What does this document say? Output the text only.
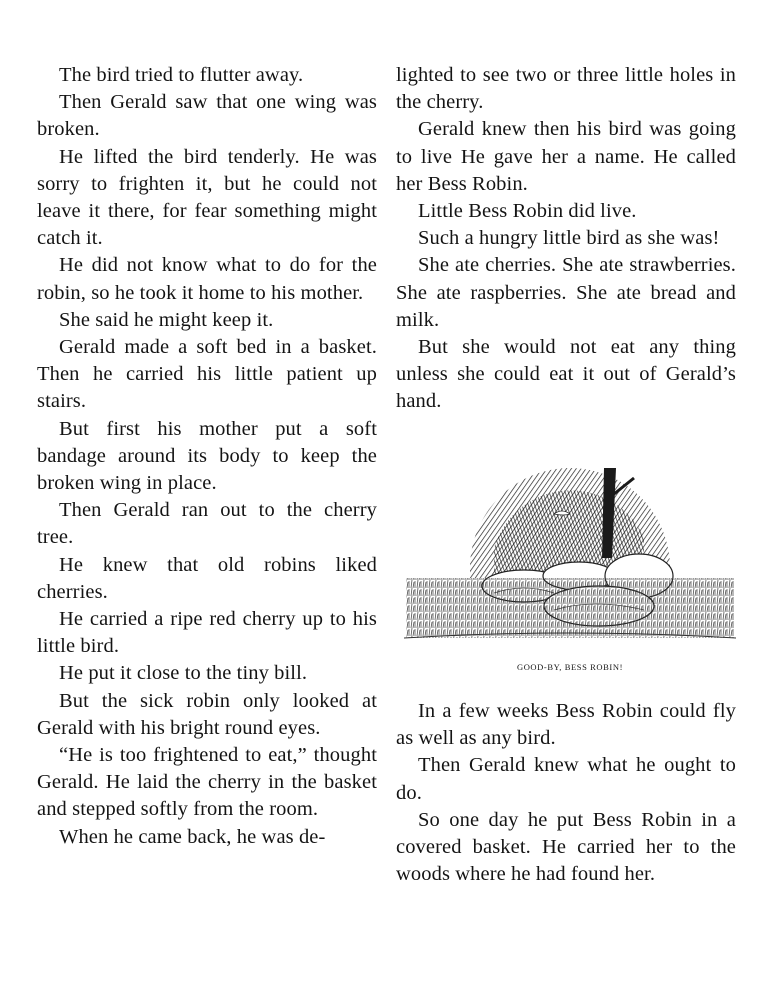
The bird tried to flutter away.

Then Gerald saw that one wing was broken.

He lifted the bird tenderly. He was sorry to frighten it, but he could not leave it there, for fear something might catch it.

He did not know what to do for the robin, so he took it home to his mother.

She said he might keep it.

Gerald made a soft bed in a basket. Then he carried his little patient up stairs.

But first his mother put a soft bandage around its body to keep the broken wing in place.

Then Gerald ran out to the cherry tree.

He knew that old robins liked cherries.

He carried a ripe red cherry up to his little bird.

He put it close to the tiny bill.

But the sick robin only looked at Gerald with his bright round eyes.

“He is too frightened to eat,” thought Gerald. He laid the cherry in the basket and stepped softly from the room.

When he came back, he was de-

lighted to see two or three little holes in the cherry.

Gerald knew then his bird was going to live He gave her a name. He called her Bess Robin.

Little Bess Robin did live.

Such a hungry little bird as she was!

She ate cherries. She ate strawberries. She ate raspberries. She ate bread and milk.

But she would not eat any thing unless she could eat it out of Gerald’s hand.

GOOD-BY, BESS ROBIN!

In a few weeks Bess Robin could fly as well as any bird.

Then Gerald knew what he ought to do.

So one day he put Bess Robin in a covered basket. He carried her to the woods where he had found her.
